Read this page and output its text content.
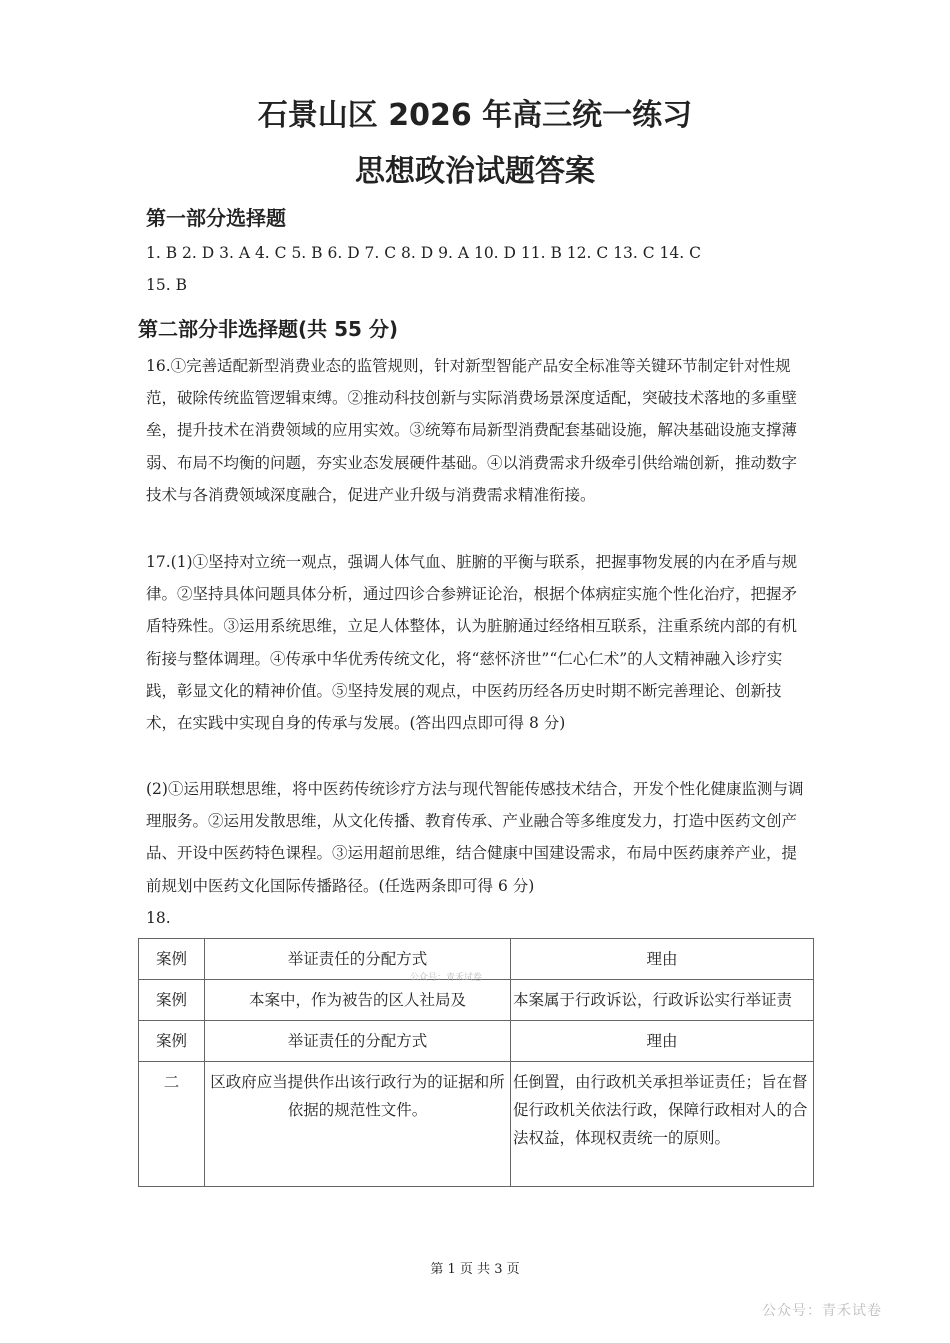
石景山区 2026 年高三统一练习
思想政治试题答案
第一部分选择题
1. B 2. D 3. A 4. C 5. B 6. D 7. C 8. D 9. A 10. D 11. B 12. C 13. C 14. C
15. B
第二部分非选择题(共 55 分)
16.①完善适配新型消费业态的监管规则，针对新型智能产品安全标准等关键环节制定针对性规范，破除传统监管逻辑束缚。②推动科技创新与实际消费场景深度适配，突破技术落地的多重壁垒，提升技术在消费领域的应用实效。③统筹布局新型消费配套基础设施，解决基础设施支撑薄弱、布局不均衡的问题，夯实业态发展硬件基础。④以消费需求升级牵引供给端创新，推动数字技术与各消费领域深度融合，促进产业升级与消费需求精准衔接。
17.(1)①坚持对立统一观点，强调人体气血、脏腑的平衡与联系，把握事物发展的内在矛盾与规律。②坚持具体问题具体分析，通过四诊合参辨证论治，根据个体病症实施个性化治疗，把握矛盾特殊性。③运用系统思维，立足人体整体，认为脏腑通过经络相互联系，注重系统内部的有机衔接与整体调理。④传承中华优秀传统文化，将“慈怀济世”“仁心仁术”的人文精神融入诊疗实践，彰显文化的精神价值。⑤坚持发展的观点，中医药历经各历史时期不断完善理论、创新技术，在实践中实现自身的传承与发展。(答出四点即可得 8 分)
(2)①运用联想思维，将中医药传统诊疗方法与现代智能传感技术结合，开发个性化健康监测与调理服务。②运用发散思维，从文化传播、教育传承、产业融合等多维度发力，打造中医药文创产品、开设中医药特色课程。③运用超前思维，结合健康中国建设需求，布局中医药康养产业，提前规划中医药文化国际传播路径。(任选两条即可得 6 分)
18.
案例	举证责任的分配方式	理由
案例	本案中，作为被告的区人社局及	本案属于行政诉讼，行政诉讼实行举证责
案例	举证责任的分配方式	理由
二	区政府应当提供作出该行政行为的证据和所依据的规范性文件。	任倒置，由行政机关承担举证责任；旨在督促行政机关依法行政，保障行政相对人的合法权益，体现权责统一的原则。
公众号：青禾试卷
第 1 页 共 3 页
公众号：青禾试卷
